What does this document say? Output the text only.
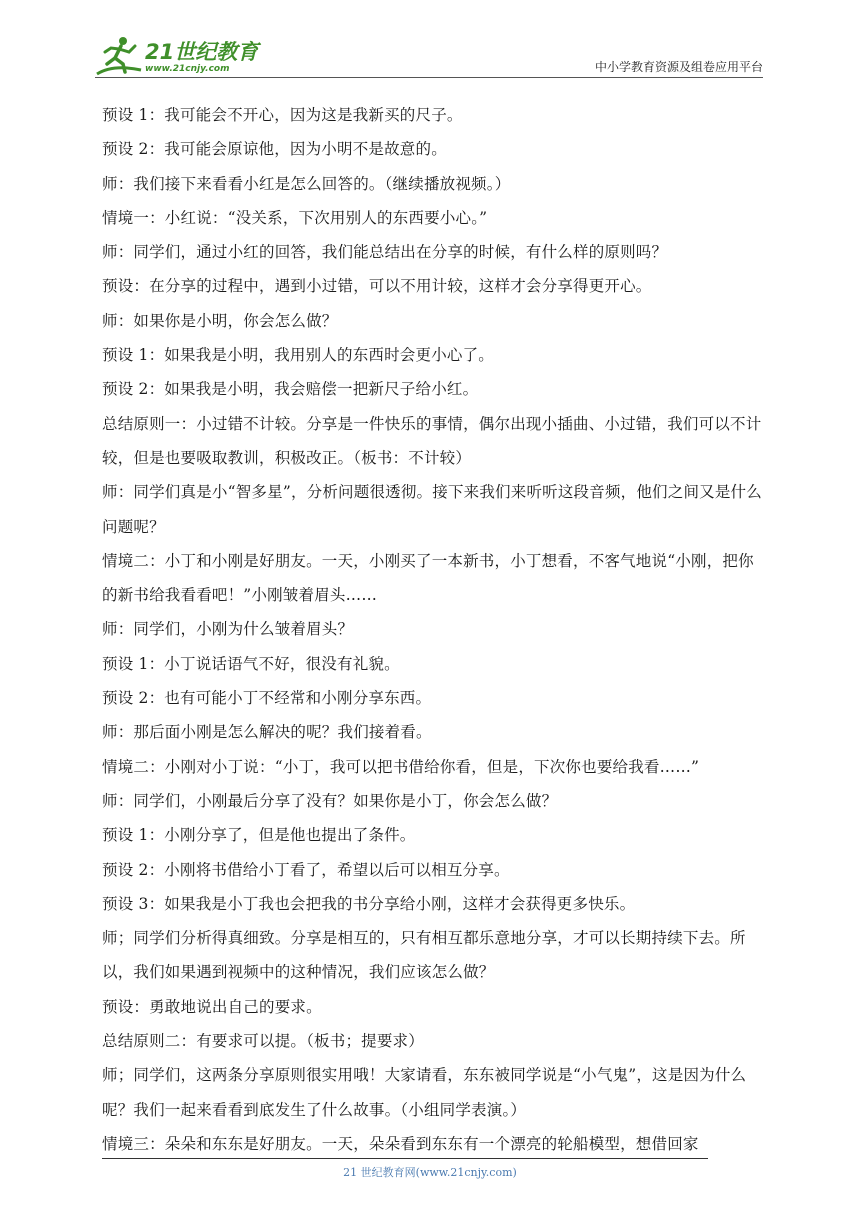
21世纪教育
www.21cnjy.com	中小学教育资源及组卷应用平台

预设 1：我可能会不开心，因为这是我新买的尺子。

预设 2：我可能会原谅他，因为小明不是故意的。

师：我们接下来看看小红是怎么回答的。（继续播放视频。）

情境一：小红说：“没关系，下次用别人的东西要小心。”

师：同学们，通过小红的回答，我们能总结出在分享的时候，有什么样的原则吗？

预设：在分享的过程中，遇到小过错，可以不用计较，这样才会分享得更开心。

师：如果你是小明，你会怎么做？

预设 1：如果我是小明，我用别人的东西时会更小心了。

预设 2：如果我是小明，我会赔偿一把新尺子给小红。

总结原则一：小过错不计较。分享是一件快乐的事情，偶尔出现小插曲、小过错，我们可以不计较，但是也要吸取教训，积极改正。（板书：不计较）

师：同学们真是小“智多星”，分析问题很透彻。接下来我们来听听这段音频，他们之间又是什么问题呢？

情境二：小丁和小刚是好朋友。一天，小刚买了一本新书，小丁想看，不客气地说“小刚，把你的新书给我看看吧！”小刚皱着眉头……

师：同学们，小刚为什么皱着眉头？

预设 1：小丁说话语气不好，很没有礼貌。

预设 2：也有可能小丁不经常和小刚分享东西。

师：那后面小刚是怎么解决的呢？我们接着看。

情境二：小刚对小丁说：“小丁，我可以把书借给你看，但是，下次你也要给我看……”

师：同学们，小刚最后分享了没有？如果你是小丁，你会怎么做？

预设 1：小刚分享了，但是他也提出了条件。

预设 2：小刚将书借给小丁看了，希望以后可以相互分享。

预设 3：如果我是小丁我也会把我的书分享给小刚，这样才会获得更多快乐。

师；同学们分析得真细致。分享是相互的，只有相互都乐意地分享，才可以长期持续下去。所以，我们如果遇到视频中的这种情况，我们应该怎么做？

预设：勇敢地说出自己的要求。

总结原则二：有要求可以提。（板书；提要求）

师；同学们，这两条分享原则很实用哦！大家请看，东东被同学说是“小气鬼”，这是因为什么呢？我们一起来看看到底发生了什么故事。（小组同学表演。）

情境三：朵朵和东东是好朋友。一天，朵朵看到东东有一个漂亮的轮船模型，想借回家

21 世纪教育网(www.21cnjy.com)
